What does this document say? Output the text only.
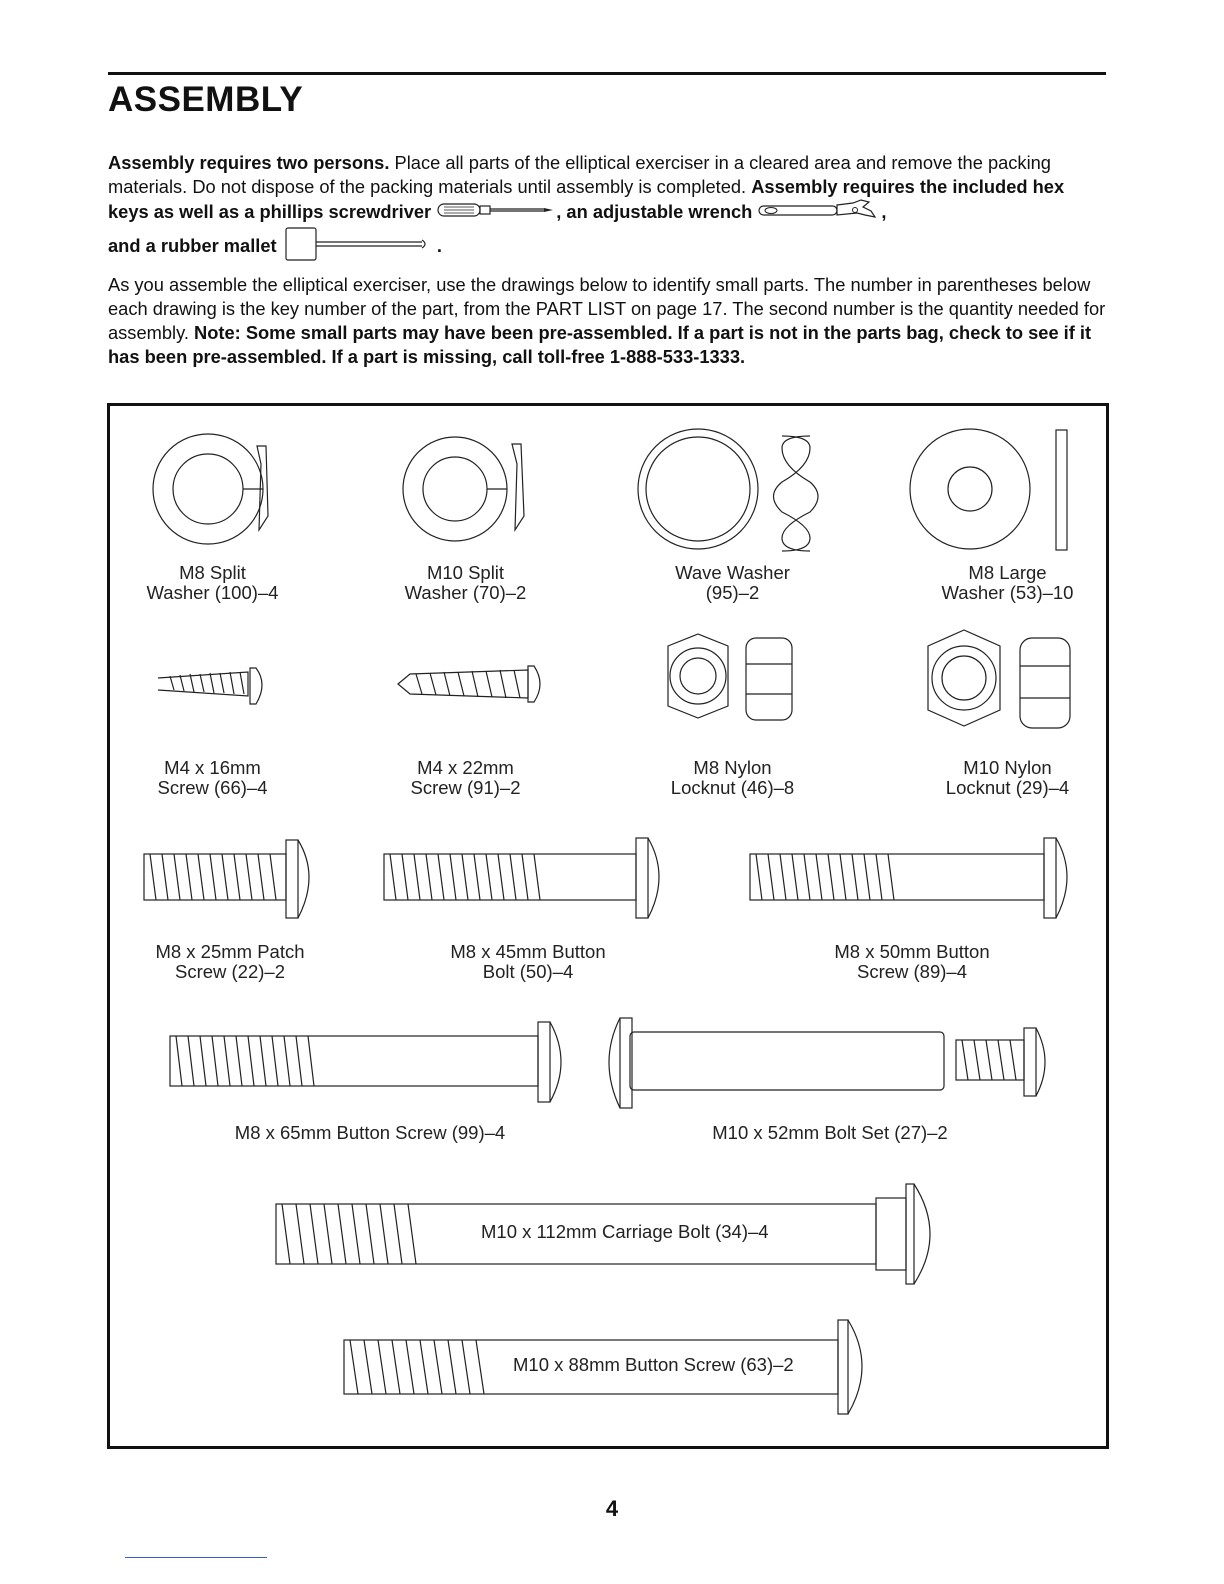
ASSEMBLY
Assembly requires two persons. Place all parts of the elliptical exerciser in a cleared area and remove the packing materials. Do not dispose of the packing materials until assembly is completed. Assembly requires the included hex keys as well as a phillips screwdriver	, an adjustable wrench	,
and a rubber mallet	.
As you assemble the elliptical exerciser, use the drawings below to identify small parts. The number in parentheses below each drawing is the key number of the part, from the PART LIST on page 17. The second number is the quantity needed for assembly. Note: Some small parts may have been pre-assembled. If a part is not in the parts bag, check to see if it has been pre-assembled. If a part is missing, call toll-free 1-888-533-1333.
M8 Split
Washer (100)–4
M10 Split
Washer (70)–2
Wave Washer
(95)–2
M8 Large
Washer (53)–10
M4 x 16mm
Screw (66)–4
M4 x 22mm
Screw (91)–2
M8 Nylon
Locknut (46)–8
M10 Nylon
Locknut (29)–4
M8 x 25mm Patch
Screw (22)–2
M8 x 45mm Button
Bolt (50)–4
M8 x 50mm Button
Screw (89)–4
M8 x 65mm Button Screw (99)–4	M10 x 52mm Bolt Set (27)–2
M10 x 112mm Carriage Bolt (34)–4
M10 x 88mm Button Screw (63)–2
4
